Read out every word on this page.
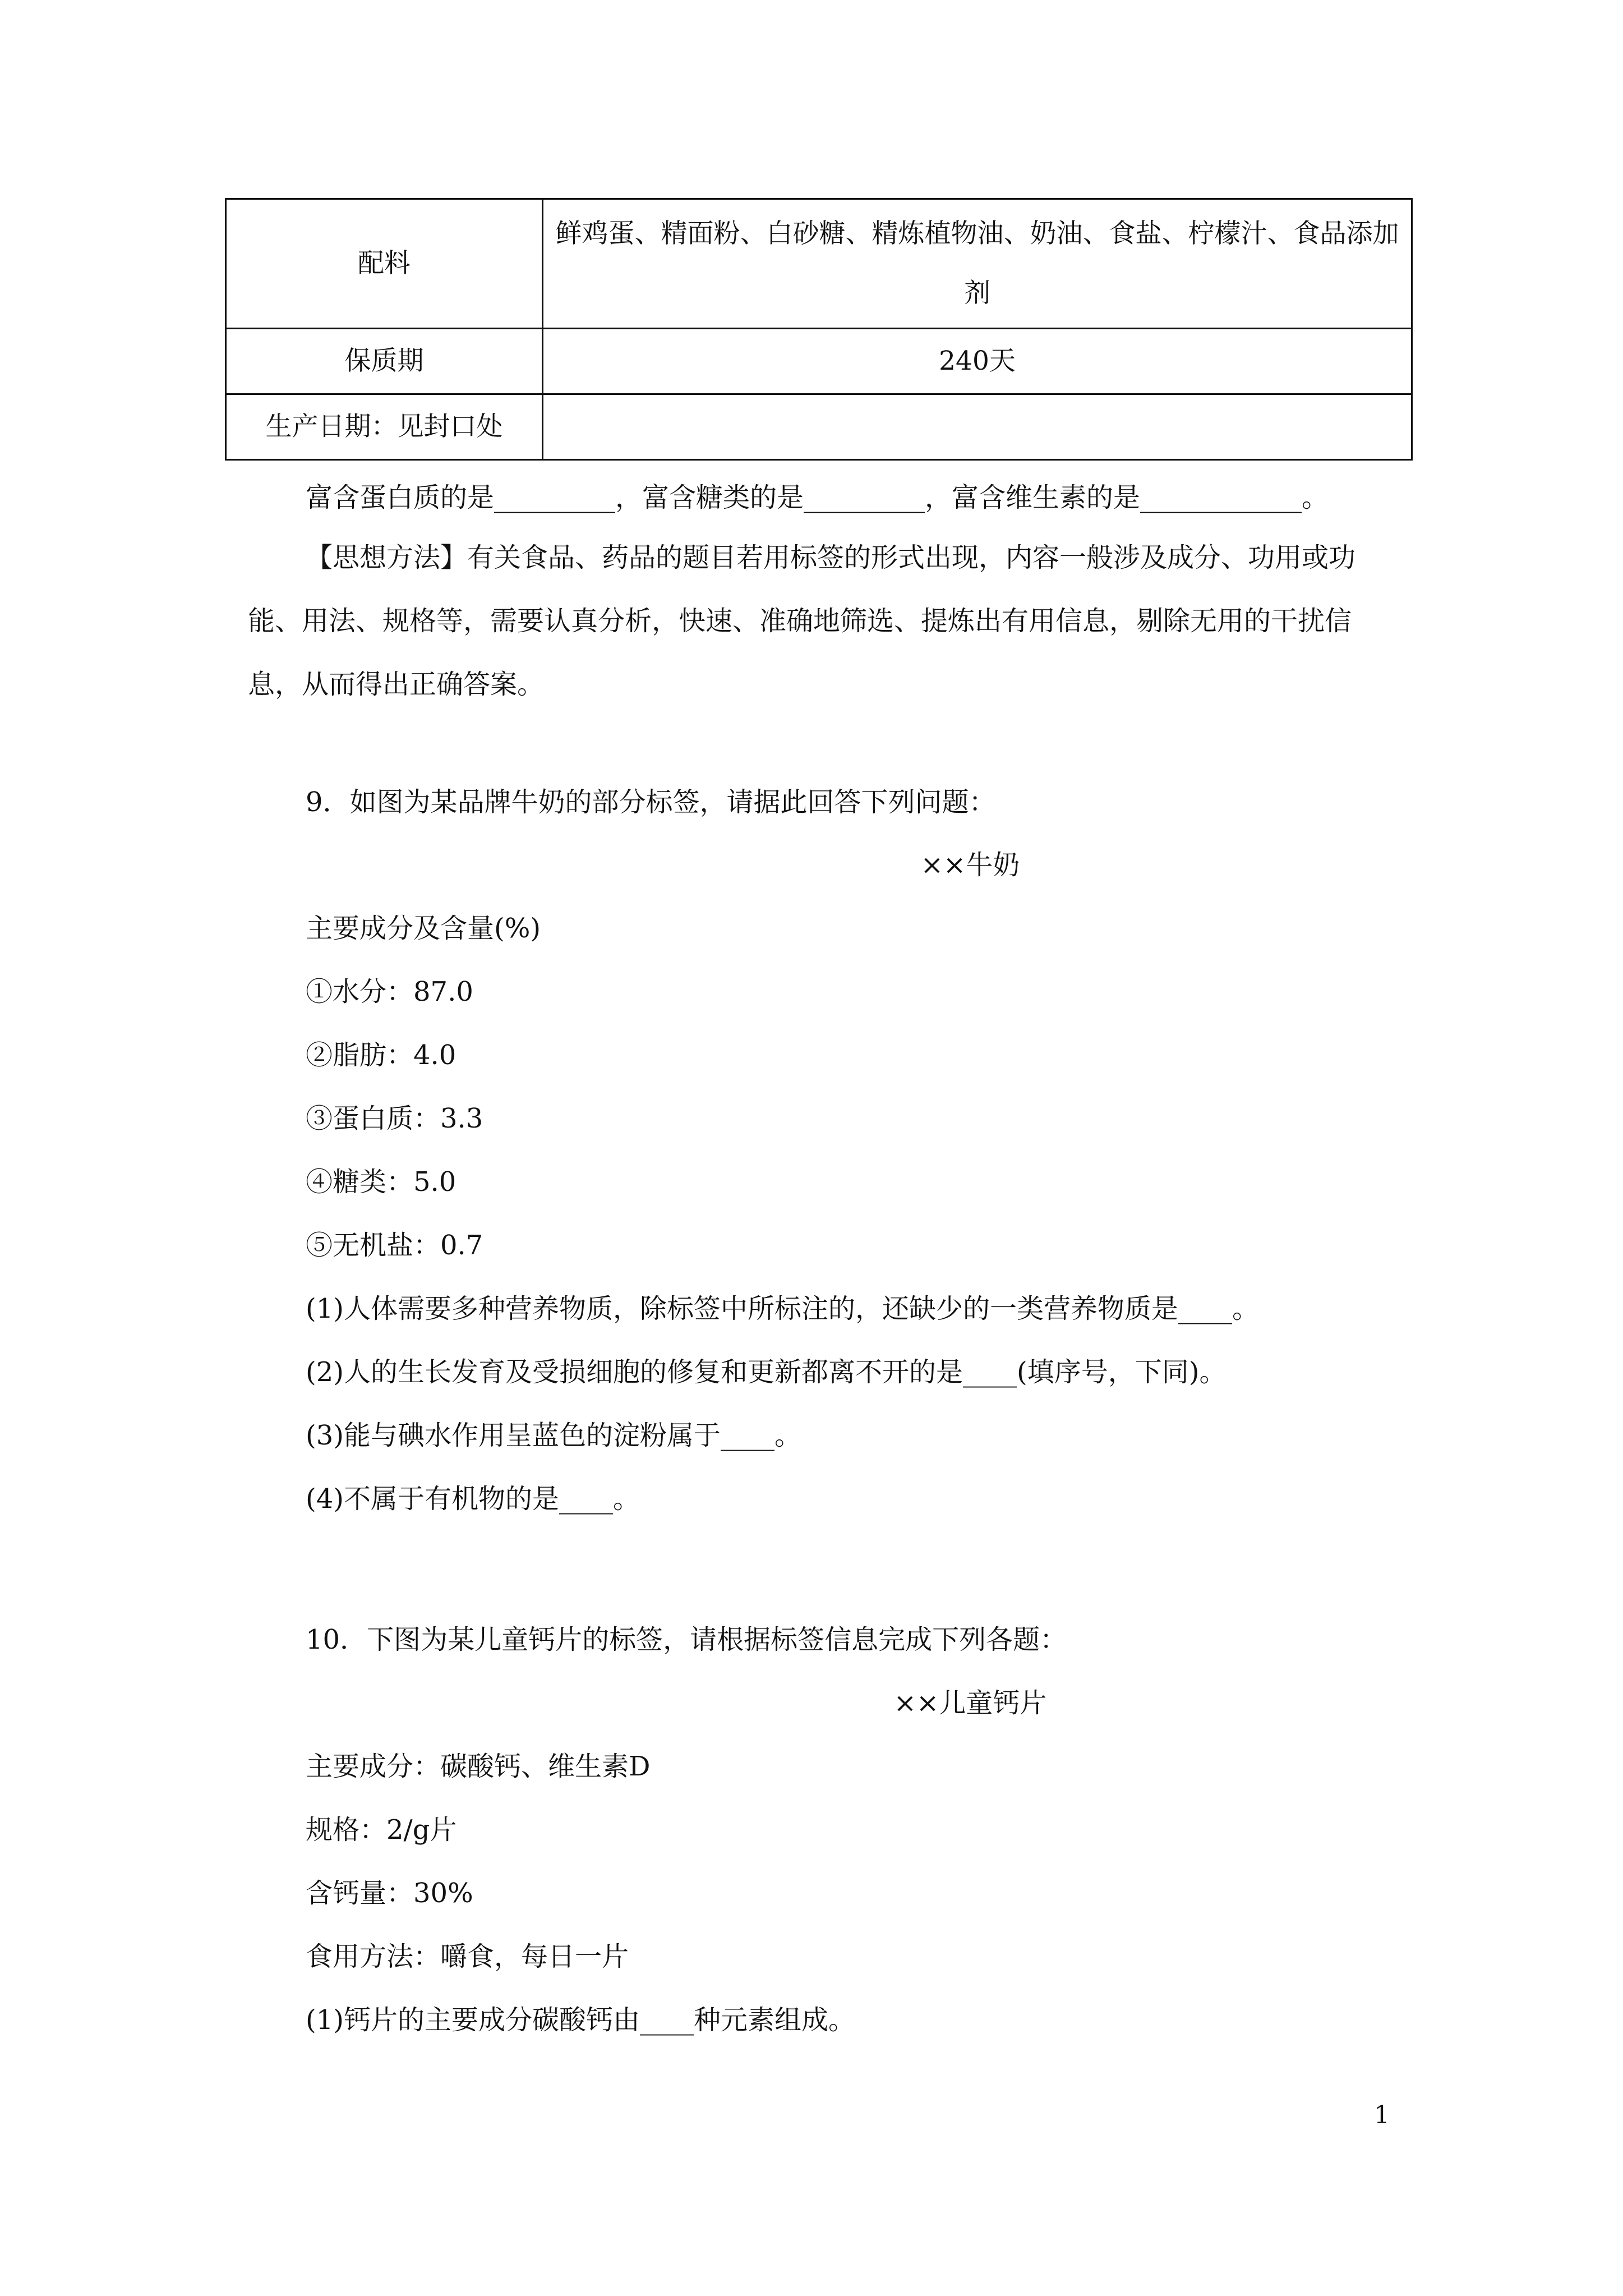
配料	鲜鸡蛋、精面粉、白砂糖、精炼植物油、奶油、食盐、柠檬汁、食品添加剂
保质期	240天
生产日期：见封口处	
富含蛋白质的是_________，富含糖类的是_________，富含维生素的是____________。
【思想方法】有关食品、药品的题目若用标签的形式出现，内容一般涉及成分、功用或功能、用法、规格等，需要认真分析，快速、准确地筛选、提炼出有用信息，剔除无用的干扰信息，从而得出正确答案。
9．如图为某品牌牛奶的部分标签，请据此回答下列问题：
××牛奶
主要成分及含量(%)
①水分：87.0
②脂肪：4.0
③蛋白质：3.3
④糖类：5.0
⑤无机盐：0.7
(1)人体需要多种营养物质，除标签中所标注的，还缺少的一类营养物质是____。
(2)人的生长发育及受损细胞的修复和更新都离不开的是____(填序号，下同)。
(3)能与碘水作用呈蓝色的淀粉属于____。
(4)不属于有机物的是____。
10．下图为某儿童钙片的标签，请根据标签信息完成下列各题：
××儿童钙片
主要成分：碳酸钙、维生素D
规格：2/g片
含钙量：30%
食用方法：嚼食，每日一片
(1)钙片的主要成分碳酸钙由____种元素组成。
1
